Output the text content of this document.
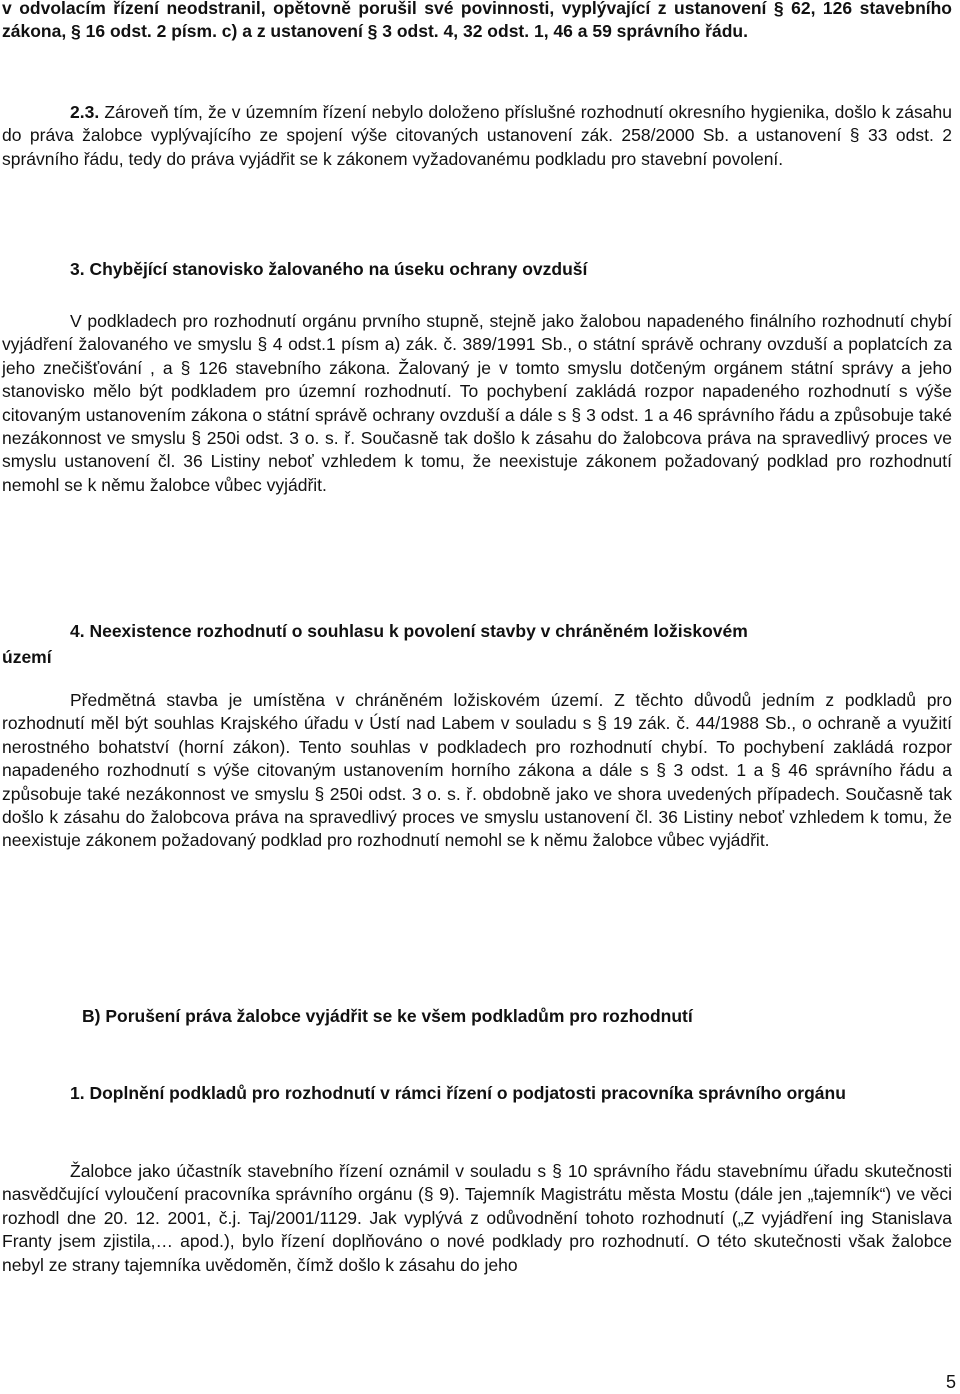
v odvolacím řízení neodstranil, opětovně porušil své povinnosti, vyplývající z ustanovení § 62, 126 stavebního zákona, § 16 odst. 2 písm. c) a z ustanovení § 3 odst. 4, 32 odst. 1, 46 a 59 správního řádu.

2.3. Zároveň tím, že v územním řízení nebylo doloženo příslušné rozhodnutí okresního hygienika, došlo k zásahu do práva žalobce vyplývajícího ze spojení výše citovaných ustanovení zák. 258/2000 Sb. a ustanovení § 33 odst. 2 správního řádu, tedy do práva vyjádřit se k zákonem vyžadovanému podkladu pro stavební povolení.

3. Chybějící stanovisko žalovaného na úseku ochrany ovzduší

V podkladech pro rozhodnutí orgánu prvního stupně, stejně jako žalobou napadeného finálního rozhodnutí chybí vyjádření žalovaného ve smyslu § 4 odst.1 písm a) zák. č. 389/1991 Sb., o státní správě ochrany ovzduší a poplatcích za jeho znečišťování , a § 126 stavebního zákona. Žalovaný je v tomto smyslu dotčeným orgánem státní správy a jeho stanovisko mělo být podkladem pro územní rozhodnutí. To pochybení zakládá rozpor napadeného rozhodnutí s výše citovaným ustanovením zákona o státní správě ochrany ovzduší a dále s § 3 odst. 1 a 46 správního řádu a způsobuje také nezákonnost ve smyslu § 250i odst. 3 o. s. ř. Současně tak došlo k zásahu do žalobcova práva na spravedlivý proces ve smyslu ustanovení čl. 36 Listiny neboť vzhledem k tomu, že neexistuje zákonem požadovaný podklad pro rozhodnutí nemohl se k němu žalobce vůbec vyjádřit.

4. Neexistence rozhodnutí o souhlasu k povolení stavby v chráněném ložiskovém

území

Předmětná stavba je umístěna v chráněném ložiskovém území. Z těchto důvodů jedním z podkladů pro rozhodnutí měl být souhlas Krajského úřadu v Ústí nad Labem v souladu s § 19 zák. č. 44/1988 Sb., o ochraně a využití nerostného bohatství (horní zákon). Tento souhlas v podkladech pro rozhodnutí chybí. To pochybení zakládá rozpor napadeného rozhodnutí s výše citovaným ustanovením horního zákona a dále s § 3 odst. 1 a § 46 správního řádu a způsobuje také nezákonnost ve smyslu § 250i odst. 3 o. s. ř. obdobně jako ve shora uvedených případech. Současně tak došlo k zásahu do žalobcova práva na spravedlivý proces ve smyslu ustanovení čl. 36 Listiny neboť vzhledem k tomu, že neexistuje zákonem požadovaný podklad pro rozhodnutí nemohl se k němu žalobce vůbec vyjádřit.

B) Porušení práva žalobce vyjádřit se ke všem podkladům pro rozhodnutí

1. Doplnění podkladů pro rozhodnutí v rámci řízení o podjatosti pracovníka správního orgánu

Žalobce jako účastník stavebního řízení oznámil v souladu s § 10 správního řádu stavebnímu úřadu skutečnosti nasvědčující vyloučení pracovníka správního orgánu (§ 9). Tajemník Magistrátu města Mostu (dále jen „tajemník“) ve věci rozhodl dne 20. 12. 2001, č.j. Taj/2001/1129. Jak vyplývá z odůvodnění tohoto rozhodnutí („Z vyjádření ing Stanislava Franty jsem zjistila,… apod.), bylo řízení doplňováno o nové podklady pro rozhodnutí. O této skutečnosti však žalobce nebyl ze strany tajemníka uvědoměn, čímž došlo k zásahu do jeho

5
